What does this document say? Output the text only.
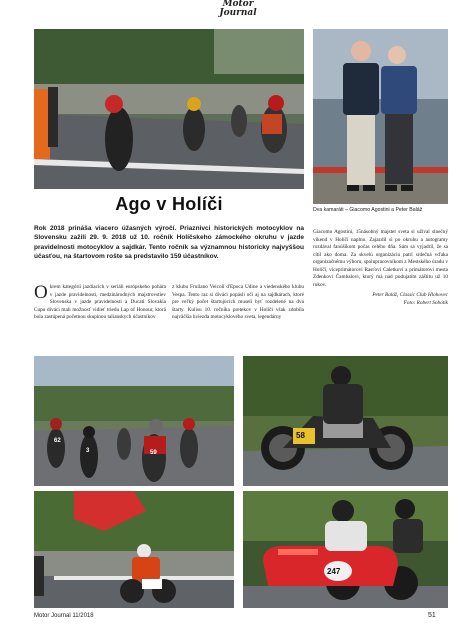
Motor
Journal
Dva kamaráti – Giacomo Agostini a Peter Baláž
Ago v Holíči
Rok 2018 prináša viacero úžasných výročí. Priaznivci historických motocyklov na Slovensku zažili 29. 9. 2018 už 10. ročník Holíčskeho zámockého okruhu v jazde pravidelnosti motocyklov a sajdkár. Tento ročník sa významnou historicky najvyššou účasťou, na štartovom rošte sa predstavilo 159 účastníkov.
Okrem kategórií jazdiacich v seriáli európskeho pohára v jazde pravidelnosti, medzinárodných majstrovstiev Slovenska v jazde pravidelnosti a Ducati Slovakia Cupu diváci mali možnosť vidieť triedu Lap of Honour, ktorá bola zastúpená početnou skupinou talianskych účastníkov
z klubu Fruilano Veicoli d'Epoca Udine a viedenského klubu Vespa. Tento raz si diváci popásli oči aj na sajdkárach, ktoré pre veľký počet štartujúcich museli byť rozdelené na dva štarty. Kulisu 10. ročníka pretekov v Holíči však zdobila najväčšia hviezda motocyklového sveta, legendárny
Giacomo Agostini, 15násobný majster sveta si užíval slnečný víkend v Holíči naplno. Zajazdil si po okruhu a autogramy rozdával fanúšikom počas celého dňa. Sám sa vyjadril, že sa cítil ako doma. Za skvelú organizáciu patrí srdečná vďaka organizačnému výboru, spolupracovníkom z Mestského úradu v Holíči, viceprimátorovi Rasťovi Caletkovi a primátorovi mesta Zdenkovi Čambalovi, ktorý má nad podujatím záštitu už 10 rokov.
Peter Baláž, Classic Club Hlohovec
Foto: Robert Sobótik
62
3	59
58
247
Motor Journal 11/2018	51
